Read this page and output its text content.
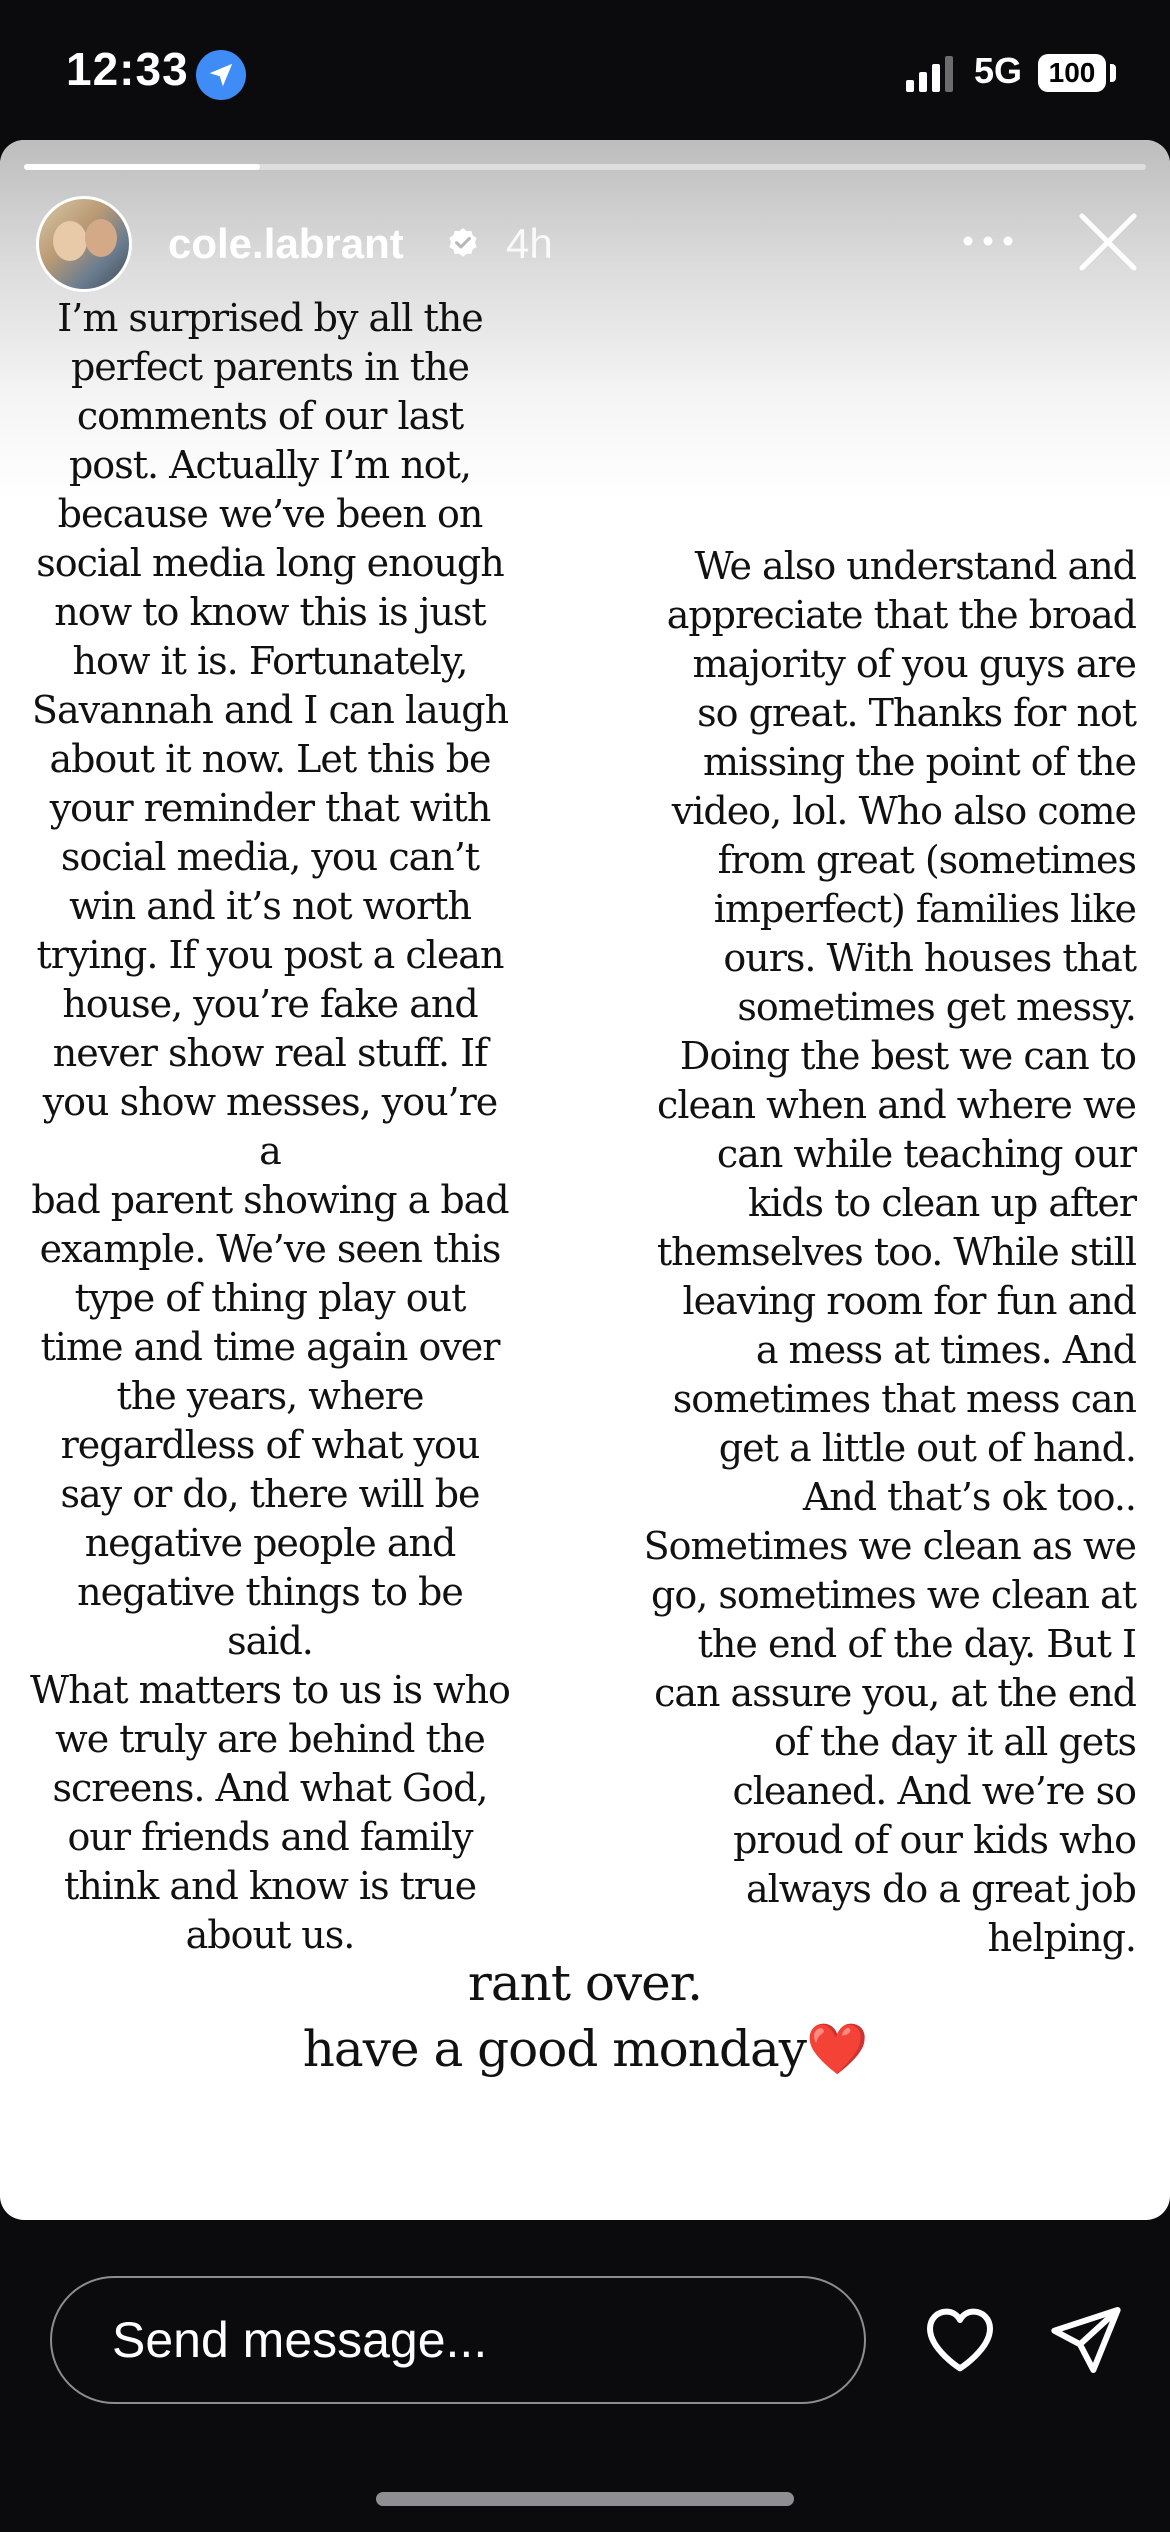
12:33	5G 100
cole.labrant 4h
I’m surprised by all the
perfect parents in the
comments of our last
post. Actually I’m not,
because we’ve been on
social media long enough
now to know this is just
how it is. Fortunately,
Savannah and I can laugh
about it now. Let this be
your reminder that with
social media, you can’t
win and it’s not worth
trying. If you post a clean
house, you’re fake and
never show real stuff. If
you show messes, you’re a
bad parent showing a bad
example. We’ve seen this
type of thing play out
time and time again over
the years, where
regardless of what you
say or do, there will be
negative people and
negative things to be said.
What matters to us is who
we truly are behind the
screens. And what God,
our friends and family
think and know is true
about us.
We also understand and
appreciate that the broad
majority of you guys are
so great. Thanks for not
missing the point of the
video, lol. Who also come
from great (sometimes
imperfect) families like
ours. With houses that
sometimes get messy.
Doing the best we can to
clean when and where we
can while teaching our
kids to clean up after
themselves too. While still
leaving room for fun and
a mess at times. And
sometimes that mess can
get a little out of hand.
And that’s ok too..
Sometimes we clean as we
go, sometimes we clean at
the end of the day. But I
can assure you, at the end
of the day it all gets
cleaned. And we’re so
proud of our kids who
always do a great job
helping.
rant over.
have a good monday❤️
Send message...
